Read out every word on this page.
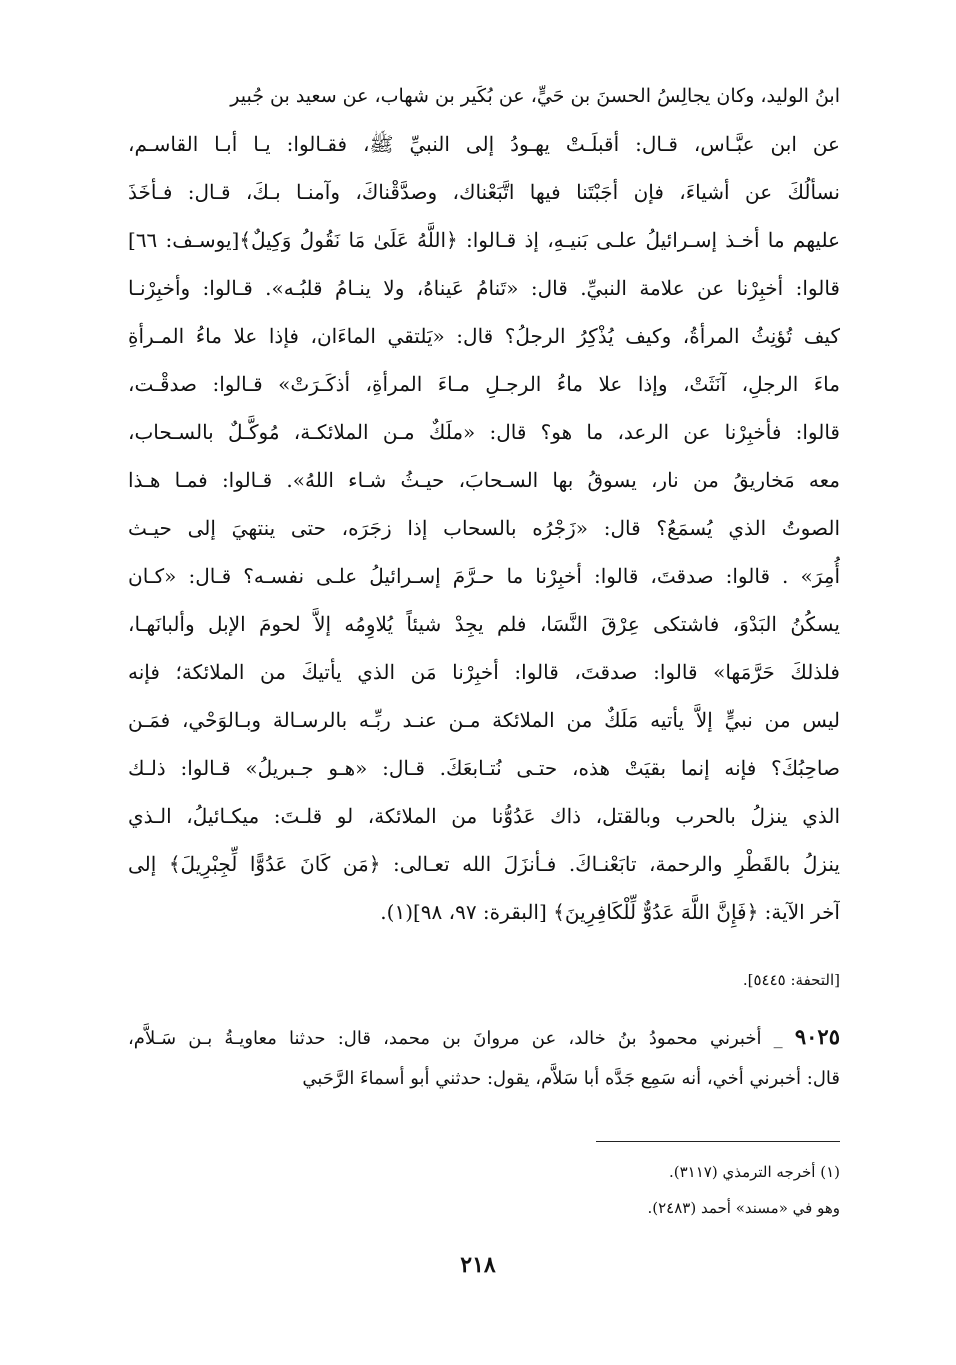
ابنُ الوليد، وكان يجالِسُ الحسنَ بن حَيٍّ، عن بُكَير بن شهاب، عن سعيد بن جُبير
عن ابن عبَّـاس، قـال: أقبلَـتْ يهـودُ إلى النبيِّ ﷺ، فقـالوا: يـا أبـا القاسـم،
نسألُكَ عن أشياءَ، فإن أجَبْتَنا فيها اتَّبَعْناك، وصدَّقْناكَ، وآمنـا بـكَ، قـال: فـأخَذَ
عليهم ما أخـذ إسـرائيلُ علـى بَنيـهِ، إذ قـالوا: ﴿اللَّهُ عَلَىٰ مَا نَقُولُ وَكِيلٌ﴾[يوسـف: ٦٦]
قالوا: أخبِرْنا عن علامة النبيِّ. قال: «تَنامُ عَيناهُ، ولا ينـامُ قلبُـه». قـالوا: وأخبِرْنـا
كيف تُؤنِثُ المرأةُ، وكيف يُذْكِرُ الرجلُ؟ قال: «يَلتقي الماءَان، فإذا علا ماءُ المـرأةِ
ماءَ الرجلِ، آنَثَتْ، وإذا علا ماءُ الرجـلِ مـاءَ المرأةِ، أذكَـرَتْ» قـالوا: صدقْـت،
قالوا: فأخبِرْنا عن الرعد، ما هو؟ قال: «ملَكٌ مـن الملائكـة، مُوكَّـلٌ بالسـحاب،
معه مَخاريقُ من نار، يسوقُ بها السـحابَ، حيـثُ شـاء اللهُ». قـالوا: فمـا هـذا
الصوتُ الذي يُسمَعُ؟ قال: «زَجْرُه بالسحاب إذا زجَرَه، حتى ينتهيَ إلى حيـث
أُمِرَ» . قالوا: صدقتَ، قالوا: أخبِرْنا ما حـرَّمَ إسـرائيلُ علـى نفسـه؟ قـال: «كـان
يسكُنُ البَدْوَ، فاشتكى عِرْقَ النَّسَا، فلم يجِدْ شيئاً يُلاوِمُه إلاَّ لحومَ الإبل وألبانَهـا،
فلذلكَ حَرَّمَها» قالوا: صدقتَ، قالوا: أخبِرْنا مَن الذي يأتيكَ من الملائكة؛ فإنه
ليس من نبيٍّ إلاَّ يأتيه مَلَكٌ من الملائكة مـن عنـد ربِّـه بالرسـالة وبـالوَحْي، فمَـن
صاحِبُكَ؟ فإنه إنما بقيَتْ هذه، حتـى نُتـابعَكَ. قـال: «هـو جـبريلُ» قـالوا: ذلـك
الذي ينزلُ بالحرب وبالقتل، ذاك عَدُوُّنا من الملائكة، لو قلـتَ: ميكـائيلُ، الـذي
ينزلُ بالقَطْرِ والرحمة، تابَعْنـاكَ. فـأنزَلَ الله تعـالى: ﴿مَن كَانَ عَدُوًّا لِّجِبْرِيلَ﴾ إلى
آخر الآية: ﴿فَإِنَّ اللَّهَ عَدُوٌّ لِّلْكَافِرِينَ﴾ [البقرة: ٩٧، ٩٨](١).
[التحفة: ٥٤٤٥].
٩٠٢٥ _ أخبرني محمودُ بنُ خالد، عن مروانَ بن محمد، قال: حدثنا معاويـةُ بـن سَـلاَّم،
قال: أخبرني أخي، أنه سَمِع جَدَّه أبا سَلاَّم، يقول: حدثني أبو أسماءَ الرَّحَبي
(١) أخرجه الترمذي (٣١١٧).
وهو في «مسند» أحمد (٢٤٨٣).
٢١٨
